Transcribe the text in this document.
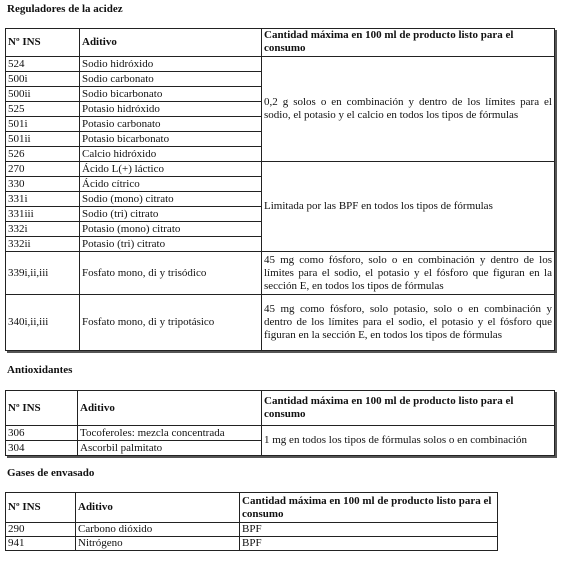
Reguladores de la acidez
Nº INS	Aditivo	Cantidad máxima en 100 ml de producto listo para el consumo
524	Sodio hidróxido	0,2 g solos o en combinación y dentro de los límites para el sodio, el potasio y el calcio en todos los tipos de fórmulas
500i	Sodio carbonato	
500ii	Sodio bicarbonato	
525	Potasio hidróxido	
501i	Potasio carbonato	
501ii	Potasio bicarbonato	
526	Calcio hidróxido	
270	Ácido L(+) láctico	Limitada por las BPF en todos los tipos de fórmulas
330	Ácido cítrico	
331i	Sodio (mono) citrato	
331iii	Sodio (tri) citrato	
332i	Potasio (mono) citrato	
332ii	Potasio (tri) citrato	
339i,ii,iii	Fosfato mono, di y trisódico	45 mg como fósforo, solo o en combinación y dentro de los límites para el sodio, el potasio y el fósforo que figuran en la sección E, en todos los tipos de fórmulas
340i,ii,iii	Fosfato mono, di y tripotásico	45 mg como fósforo, solo potasio, solo o en combinación y dentro de los límites para el sodio, el potasio y el fósforo que figuran en la sección E, en todos los tipos de fórmulas
Antioxidantes
Nº INS	Aditivo	Cantidad máxima en 100 ml de producto listo para el consumo
306	Tocoferoles: mezcla concentrada	1 mg en todos los tipos de fórmulas solos o en combinación
304	Ascorbil palmitato	
Gases de envasado
Nº INS	Aditivo	Cantidad máxima en 100 ml de producto listo para el consumo
290	Carbono dióxido	BPF
941	Nitrógeno	BPF
